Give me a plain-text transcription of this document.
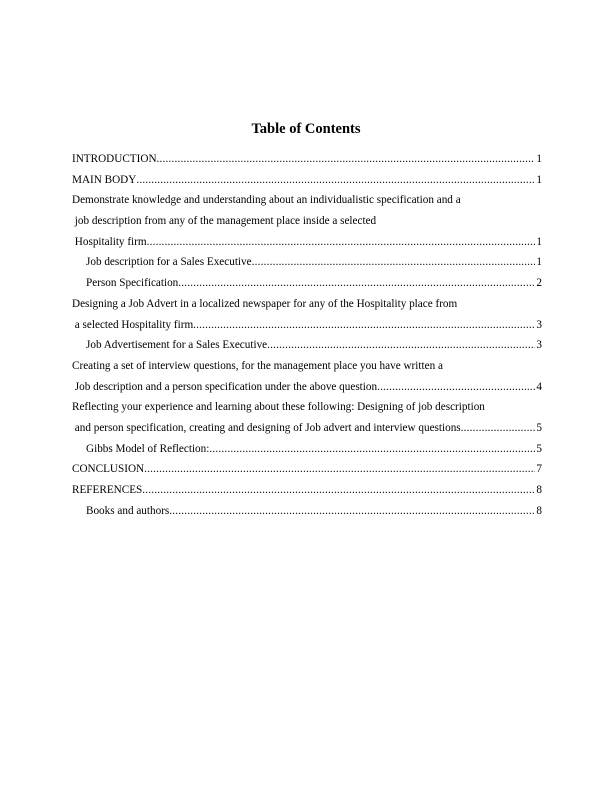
Table of Contents
INTRODUCTION .....	1
MAIN BODY .....	1
Demonstrate knowledge and understanding about an individualistic specification and a
job description from any of the management place inside a selected
Hospitality firm .....	1
Job description for a Sales Executive .....	1
Person Specification .....	2
Designing a Job Advert in a localized newspaper for any of the Hospitality place from
a selected Hospitality firm .....	3
Job Advertisement for a Sales Executive .....	3
Creating a set of interview questions, for the management place you have written a
Job description and a person specification under the above question .....	4
Reflecting your experience and learning about these following: Designing of job description
and person specification, creating and designing of Job advert and interview questions .....	5
Gibbs Model of Reflection: .....	5
CONCLUSION .....	7
REFERENCES .....	8
Books and authors .....	8
